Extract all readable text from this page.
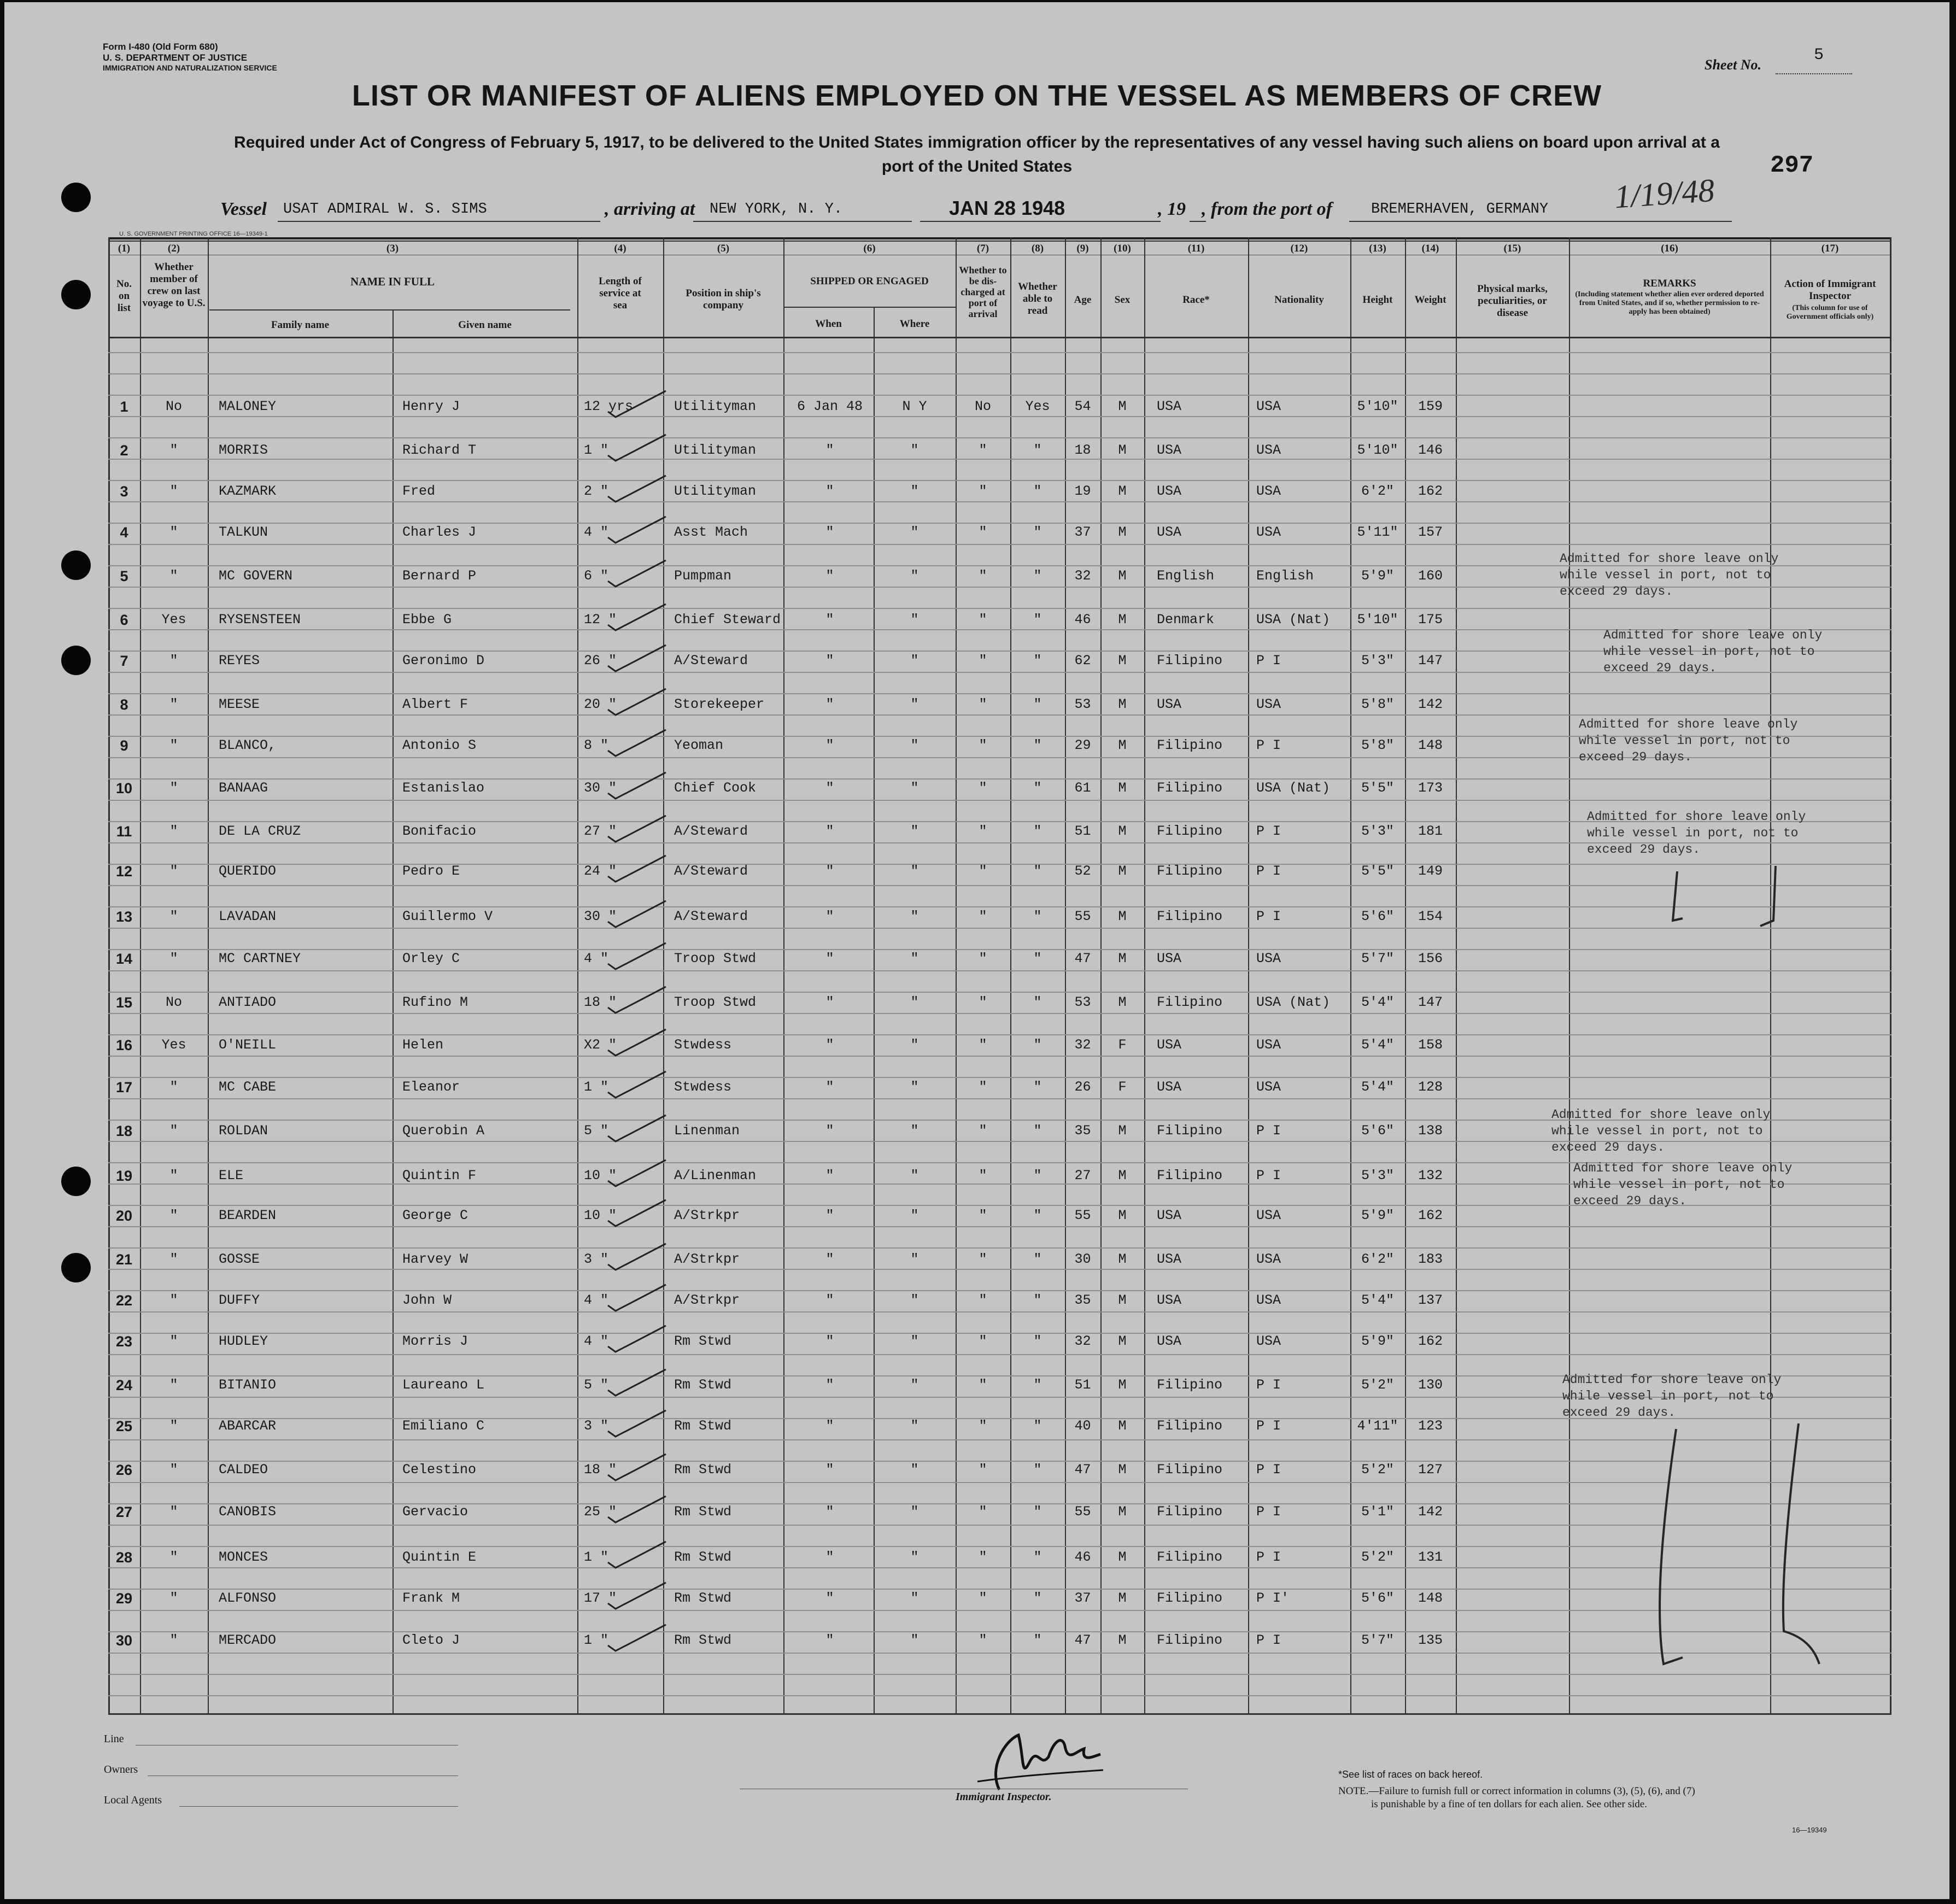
Form I-480 (Old Form 680)
U. S. DEPARTMENT OF JUSTICE
IMMIGRATION AND NATURALIZATION SERVICE	Sheet No.
5
LIST OR MANIFEST OF ALIENS EMPLOYED ON THE VESSEL AS MEMBERS OF CREW
Required under Act of Congress of February 5, 1917, to be delivered to the United States immigration officer by the representatives of any vessel having such aliens on board upon arrival at a
port of the United States	297
Vessel USAT ADMIRAL W. S. SIMS	, arriving at NEW YORK, N. Y.	JAN 28 1948	, 19 , from the port of	BREMERHAVEN, GERMANY 1/19/48
U. S. GOVERNMENT PRINTING OFFICE 16—19349-1
(1)
No. on list
(2)
Whether member of crew on last voyage to U.S.
(3)
NAME IN FULL
Family name	Given name
(4)
Length of service at sea
(5)
Position in ship's company
(6)
SHIPPED OR ENGAGED
When	Where
(7)
Whether to be dis-charged at port of arrival
(8)
Whether able to read
(9)
Age
(10)
Sex
(11)
Race*
(12)
Nationality
(13)
Height
(14)
Weight
(15)
Physical marks, peculiarities, or disease
(16)
REMARKS
(Including statement whether alien ever ordered deported from United States, and if so, whether permission to re-apply has been obtained)
(17)
Action of Immigrant Inspector
(This column for use of Government officials only)
1	No	MALONEY	Henry J	12 yrs	Utilityman	6 Jan 48	N Y	No	Yes	54	M	USA	USA	5'10"	159
2	"	MORRIS	Richard T	1 "	Utilityman	"	"	"	"	18	M	USA	USA	5'10"	146
3	"	KAZMARK	Fred	2 "	Utilityman	"	"	"	"	19	M	USA	USA	6'2"	162
4	"	TALKUN	Charles J	4 "	Asst Mach	"	"	"	"	37	M	USA	USA	5'11"	157
5	"	MC GOVERN	Bernard P	6 "	Pumpman	"	"	"	"	32	M	English	English	5'9"	160
6	Yes	RYSENSTEEN	Ebbe G	12 "	Chief Steward	"	"	"	"	46	M	Denmark	USA (Nat)	5'10"	175
7	"	REYES	Geronimo D	26 "	A/Steward	"	"	"	"	62	M	Filipino	P I	5'3"	147
8	"	MEESE	Albert F	20 "	Storekeeper	"	"	"	"	53	M	USA	USA	5'8"	142
9	"	BLANCO,	Antonio S	8 "	Yeoman	"	"	"	"	29	M	Filipino	P I	5'8"	148
10	"	BANAAG	Estanislao	30 "	Chief Cook	"	"	"	"	61	M	Filipino	USA (Nat)	5'5"	173
11	"	DE LA CRUZ	Bonifacio	27 "	A/Steward	"	"	"	"	51	M	Filipino	P I	5'3"	181
12	"	QUERIDO	Pedro E	24 "	A/Steward	"	"	"	"	52	M	Filipino	P I	5'5"	149
13	"	LAVADAN	Guillermo V	30 "	A/Steward	"	"	"	"	55	M	Filipino	P I	5'6"	154
14	"	MC CARTNEY	Orley C	4 "	Troop Stwd	"	"	"	"	47	M	USA	USA	5'7"	156
15	No	ANTIADO	Rufino M	18 "	Troop Stwd	"	"	"	"	53	M	Filipino	USA (Nat)	5'4"	147
16	Yes	O'NEILL	Helen	X2 "	Stwdess	"	"	"	"	32	F	USA	USA	5'4"	158
17	"	MC CABE	Eleanor	1 "	Stwdess	"	"	"	"	26	F	USA	USA	5'4"	128
18	"	ROLDAN	Querobin A	5 "	Linenman	"	"	"	"	35	M	Filipino	P I	5'6"	138
19	"	ELE	Quintin F	10 "	A/Linenman	"	"	"	"	27	M	Filipino	P I	5'3"	132
20	"	BEARDEN	George C	10 "	A/Strkpr	"	"	"	"	55	M	USA	USA	5'9"	162
21	"	GOSSE	Harvey W	3 "	A/Strkpr	"	"	"	"	30	M	USA	USA	6'2"	183
22	"	DUFFY	John W	4 "	A/Strkpr	"	"	"	"	35	M	USA	USA	5'4"	137
23	"	HUDLEY	Morris J	4 "	Rm Stwd	"	"	"	"	32	M	USA	USA	5'9"	162
24	"	BITANIO	Laureano L	5 "	Rm Stwd	"	"	"	"	51	M	Filipino	P I	5'2"	130
25	"	ABARCAR	Emiliano C	3 "	Rm Stwd	"	"	"	"	40	M	Filipino	P I	4'11"	123
26	"	CALDEO	Celestino	18 "	Rm Stwd	"	"	"	"	47	M	Filipino	P I	5'2"	127
27	"	CANOBIS	Gervacio	25 "	Rm Stwd	"	"	"	"	55	M	Filipino	P I	5'1"	142
28	"	MONCES	Quintin E	1 "	Rm Stwd	"	"	"	"	46	M	Filipino	P I	5'2"	131
29	"	ALFONSO	Frank M	17 "	Rm Stwd	"	"	"	"	37	M	Filipino	P I'	5'6"	148
30	"	MERCADO	Cleto J	1 "	Rm Stwd	"	"	"	"	47	M	Filipino	P I	5'7"	135
Admitted for shore leave only
while vessel in port, not to
exceed 29 days.
Admitted for shore leave only
while vessel in port, not to
exceed 29 days.
Admitted for shore leave only
while vessel in port, not to
exceed 29 days.
Admitted for shore leave only
while vessel in port, not to
exceed 29 days.
Admitted for shore leave only
while vessel in port, not to
exceed 29 days.
Admitted for shore leave only
while vessel in port, not to
exceed 29 days.
Admitted for shore leave only
while vessel in port, not to
exceed 29 days.
Line
Owners
Local Agents	Immigrant Inspector.
*See list of races on back hereof.
NOTE.—Failure to furnish full or correct information in columns (3), (5), (6), and (7)
is punishable by a fine of ten dollars for each alien. See other side.
16—19349
